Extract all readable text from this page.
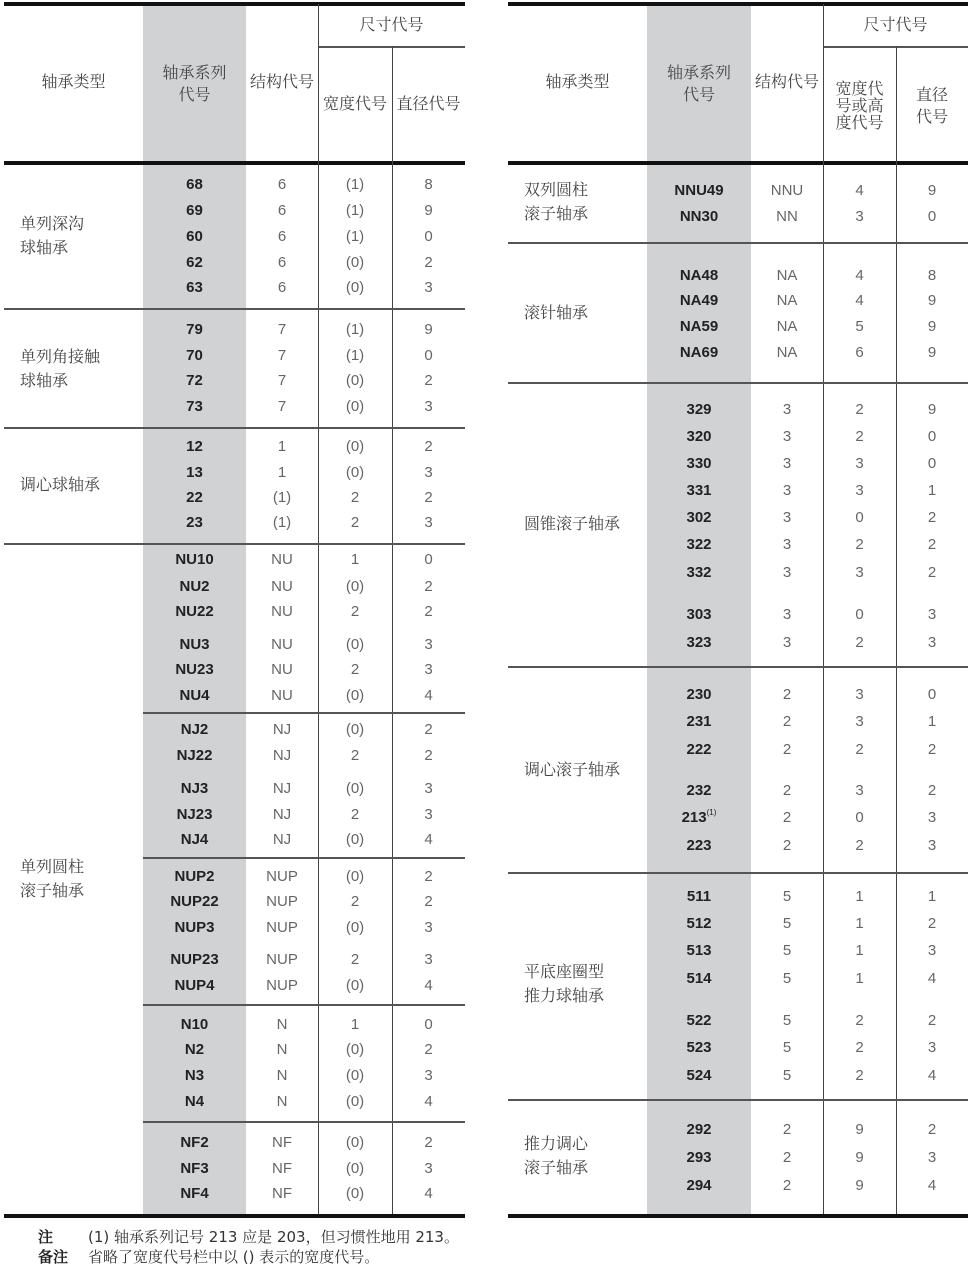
轴承类型	轴承系列
代号
结构代号
尺寸代号
宽度代号 直径代号
单列深沟
球轴承
68	6	(1)	8
69	6	(1)	9
60	6	(1)	0
62	6	(0)	2
63	6	(0)	3
单列角接触
球轴承
79	7	(1)	9
70	7	(1)	0
72	7	(0)	2
73	7	(0)	3
调心球轴承
12	1	(0)	2
13	1	(0)	3
22	(1)	2	2
23	(1)	2	3
单列圆柱
滚子轴承
NU10	NU	1	0
NU2	NU	(0)	2
NU22	NU	2	2
NU3	NU	(0)	3
NU23	NU	2	3
NU4	NU	(0)	4
NJ2	NJ	(0)	2
NJ22	NJ	2	2
NJ3	NJ	(0)	3
NJ23	NJ	2	3
NJ4	NJ	(0)	4
NUP2	NUP	(0)	2
NUP22	NUP	2	2
NUP3	NUP	(0)	3
NUP23	NUP	2	3
NUP4	NUP	(0)	4
N10	N	1	0
N2	N	(0)	2
N3	N	(0)	3
N4	N	(0)	4
NF2	NF	(0)	2
NF3	NF	(0)	3
NF4	NF	(0)	4
轴承类型	轴承系列
代号
结构代号
尺寸代号
宽度代
号或高
度代号
直径
代号
双列圆柱
滚子轴承
NNU49	NNU	4	9
NN30	NN	3	0
滚针轴承
NA48	NA	4	8
NA49	NA	4	9
NA59	NA	5	9
NA69	NA	6	9
圆锥滚子轴承
329	3	2	9
320	3	2	0
330	3	3	0
331	3	3	1
302	3	0	2
322	3	2	2
332	3	3	2
303	3	0	3
323	3	2	3
调心滚子轴承
230	2	3	0
231	2	3	1
222	2	2	2
232	2	3	2
213$^{(1)}$	2	0	3
223	2	2	3
平底座圈型
推力球轴承
511	5	1	1
512	5	1	2
513	5	1	3
514	5	1	4
522	5	2	2
523	5	2	3
524	5	2	4
推力调心
滚子轴承
292	2	9	2
293	2	9	3
294	2	9	4
注 (1) 轴承系列记号 213 应是 203，但习惯性地用 213。
备注 省略了宽度代号栏中以 () 表示的宽度代号。
